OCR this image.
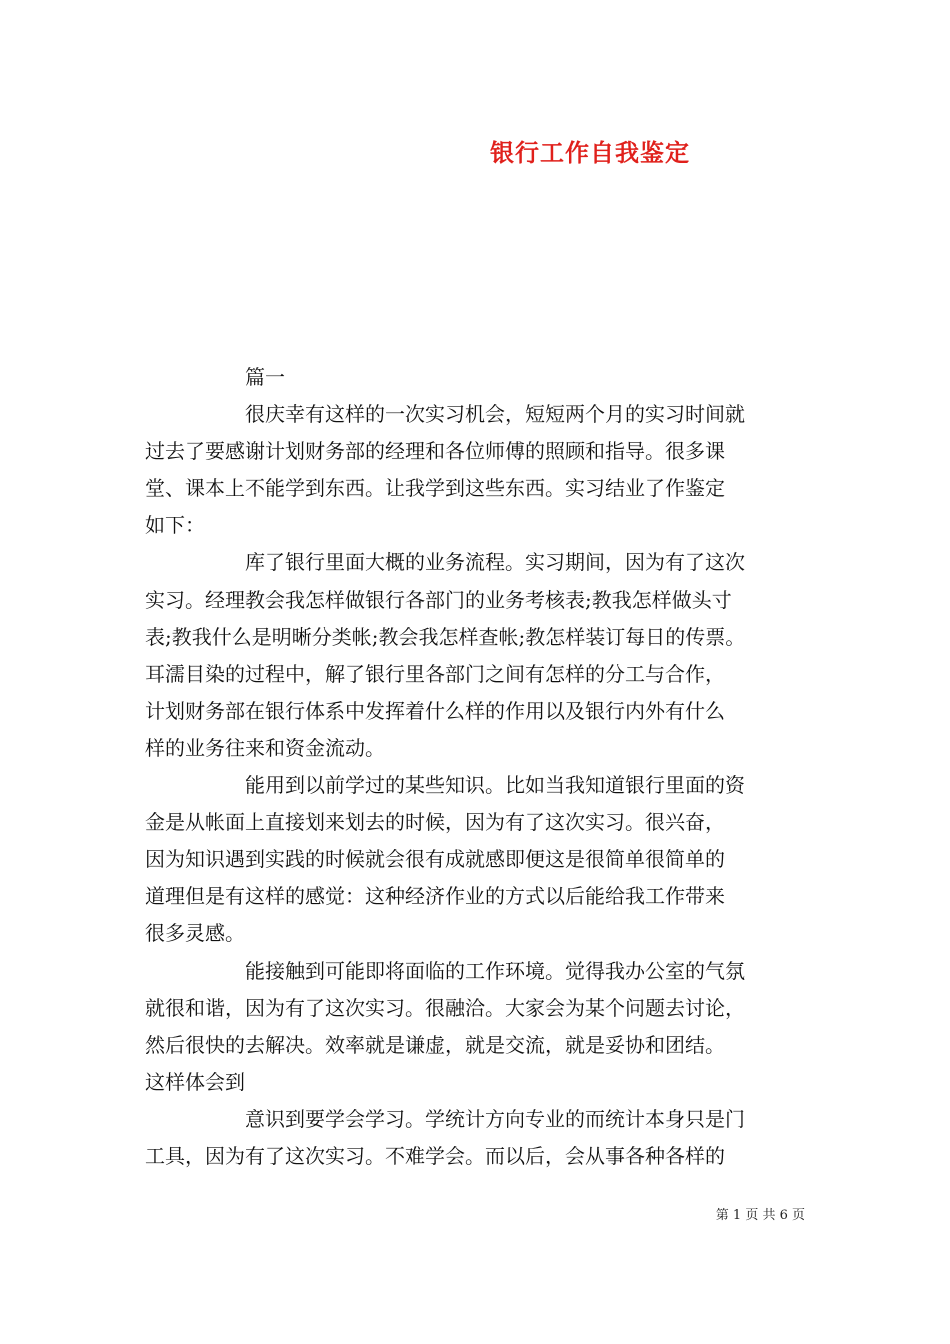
银行工作自我鉴定
篇一
很庆幸有这样的一次实习机会，短短两个月的实习时间就
过去了要感谢计划财务部的经理和各位师傅的照顾和指导。很多课
堂、课本上不能学到东西。让我学到这些东西。实习结业了作鉴定
如下：
库了银行里面大概的业务流程。实习期间，因为有了这次
实习。经理教会我怎样做银行各部门的业务考核表;教我怎样做头寸
表;教我什么是明晰分类帐;教会我怎样查帐;教怎样装订每日的传票。
耳濡目染的过程中，解了银行里各部门之间有怎样的分工与合作，
计划财务部在银行体系中发挥着什么样的作用以及银行内外有什么
样的业务往来和资金流动。
能用到以前学过的某些知识。比如当我知道银行里面的资
金是从帐面上直接划来划去的时候，因为有了这次实习。很兴奋，
因为知识遇到实践的时候就会很有成就感即便这是很简单很简单的
道理但是有这样的感觉：这种经济作业的方式以后能给我工作带来
很多灵感。
能接触到可能即将面临的工作环境。觉得我办公室的气氛
就很和谐，因为有了这次实习。很融洽。大家会为某个问题去讨论，
然后很快的去解决。效率就是谦虚，就是交流，就是妥协和团结。
这样体会到
意识到要学会学习。学统计方向专业的而统计本身只是门
工具，因为有了这次实习。不难学会。而以后，会从事各种各样的
第 1 页 共 6 页
